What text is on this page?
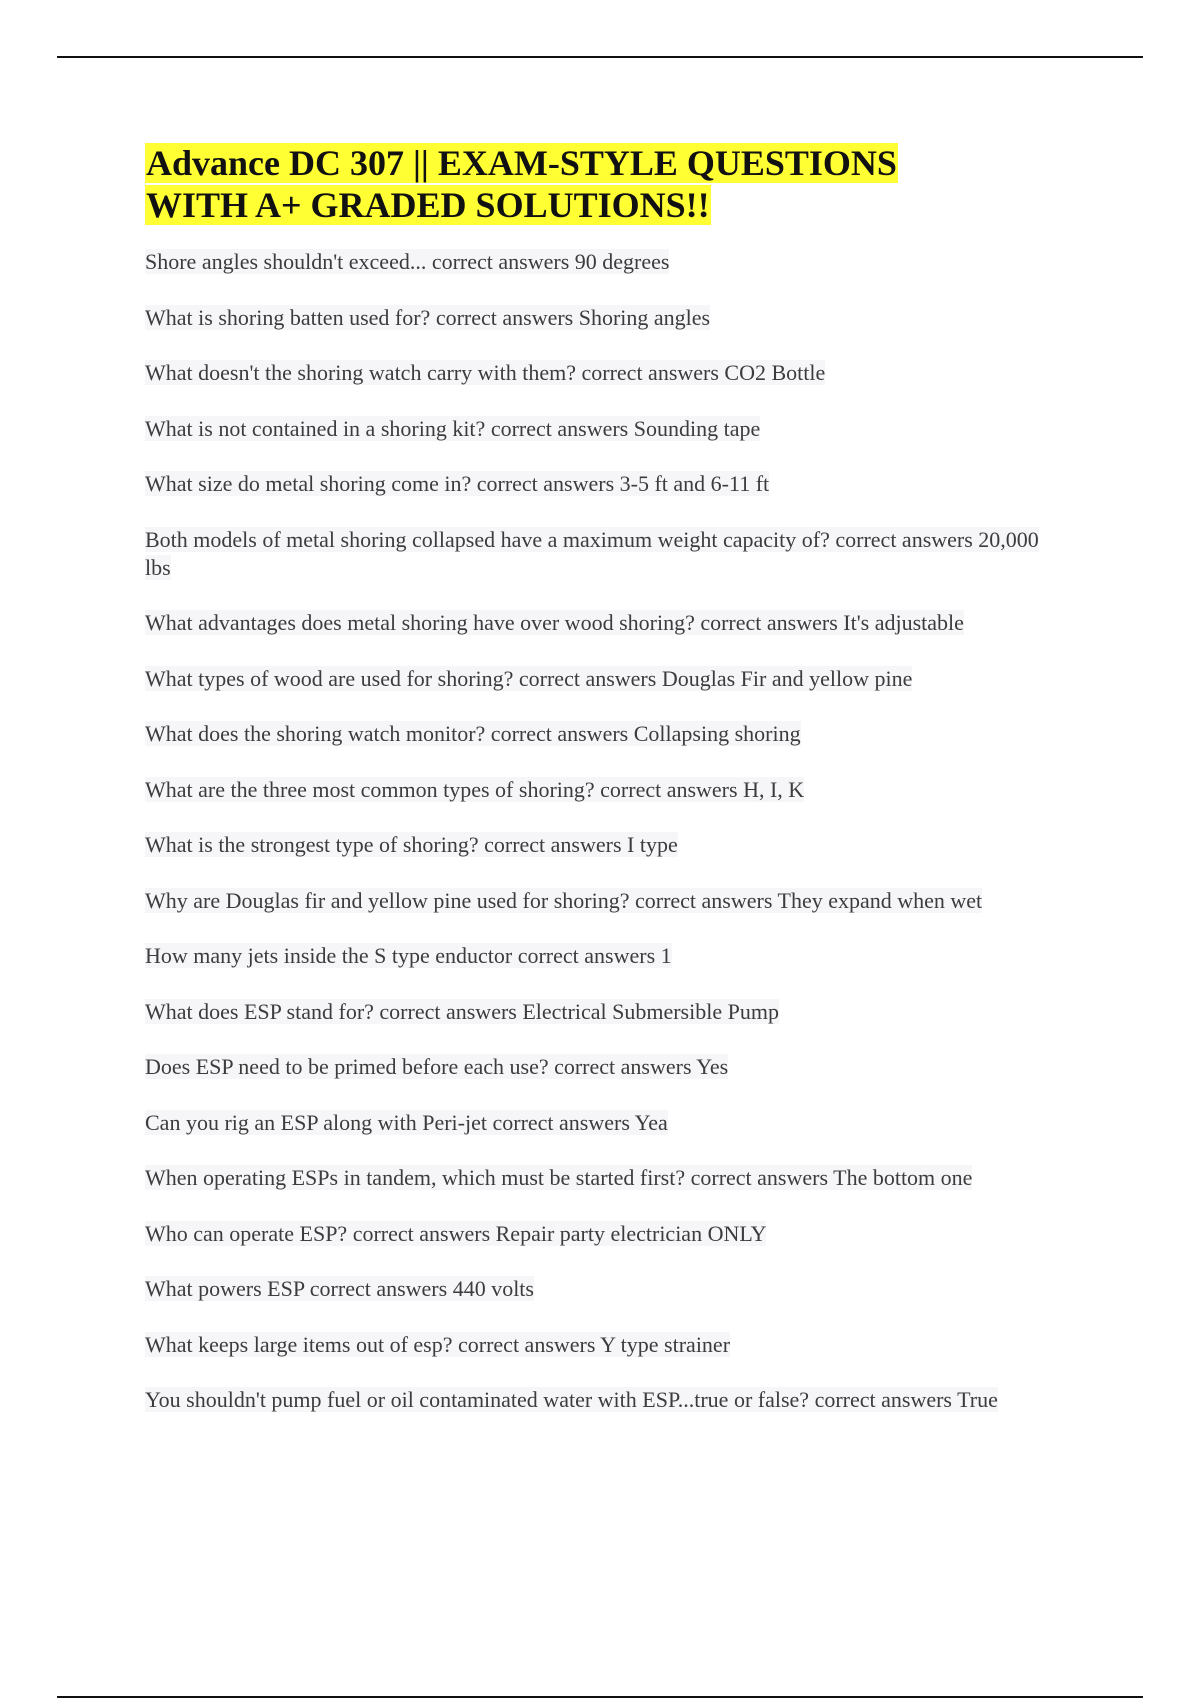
Advance DC 307 || EXAM-STYLE QUESTIONS
WITH A+ GRADED SOLUTIONS!!
Shore angles shouldn't exceed... correct answers 90 degrees
What is shoring batten used for? correct answers Shoring angles
What doesn't the shoring watch carry with them? correct answers CO2 Bottle
What is not contained in a shoring kit? correct answers Sounding tape
What size do metal shoring come in? correct answers 3-5 ft and 6-11 ft
Both models of metal shoring collapsed have a maximum weight capacity of? correct answers 20,000 lbs
What advantages does metal shoring have over wood shoring? correct answers It's adjustable
What types of wood are used for shoring? correct answers Douglas Fir and yellow pine
What does the shoring watch monitor? correct answers Collapsing shoring
What are the three most common types of shoring? correct answers H, I, K
What is the strongest type of shoring? correct answers I type
Why are Douglas fir and yellow pine used for shoring? correct answers They expand when wet
How many jets inside the S type enductor correct answers 1
What does ESP stand for? correct answers Electrical Submersible Pump
Does ESP need to be primed before each use? correct answers Yes
Can you rig an ESP along with Peri-jet correct answers Yea
When operating ESPs in tandem, which must be started first? correct answers The bottom one
Who can operate ESP? correct answers Repair party electrician ONLY
What powers ESP correct answers 440 volts
What keeps large items out of esp? correct answers Y type strainer
You shouldn't pump fuel or oil contaminated water with ESP...true or false? correct answers True
